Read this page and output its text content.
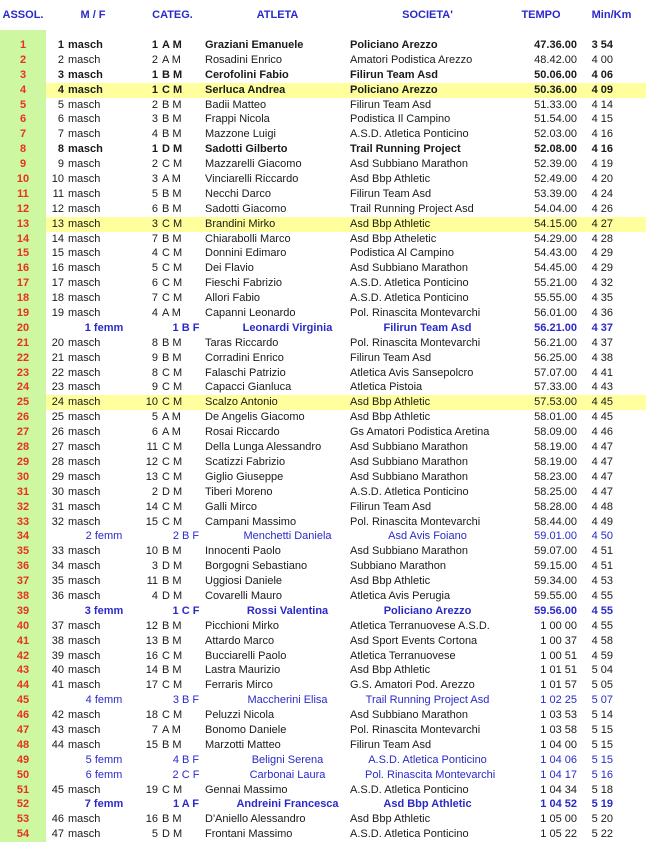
ASSOL.	M / F	CATEG.	ATLETA	SOCIETA'	TEMPO	Min/Km
1	1 masch	1 A M Graziani Emanuele	Policiano Arezzo	47.36.00	3 54
2	2 masch	2 A M Rosadini Enrico	Amatori Podistica Arezzo	48.42.00	4 00
3	3 masch	1 B M Cerofolini Fabio	Filirun Team Asd	50.06.00	4 06
4	4 masch	1 C M Serluca Andrea	Policiano Arezzo	50.36.00	4 09
5	5 masch	2 B M Badii Matteo	Filirun Team Asd	51.33.00	4 14
6	6 masch	3 B M Frappi Nicola	Podistica Il Campino	51.54.00	4 15
7	7 masch	4 B M Mazzone Luigi	A.S.D. Atletica Ponticino	52.03.00	4 16
8	8 masch	1 D M Sadotti Gilberto	Trail Running Project	52.08.00	4 16
9	9 masch	2 C M Mazzarelli Giacomo	Asd Subbiano Marathon	52.39.00	4 19
10	10 masch	3 A M Vinciarelli Riccardo	Asd Bbp Athletic	52.49.00	4 20
11	11 masch	5 B M Necchi Darco	Filirun Team Asd	53.39.00	4 24
12	12 masch	6 B M Sadotti Giacomo	Trail Running Project Asd	54.04.00	4 26
13	13 masch	3 C M Brandini Mirko	Asd Bbp Athletic	54.15.00	4 27
14	14 masch	7 B M Chiarabolli Marco	Asd Bbp Atheletic	54.29.00	4 28
15	15 masch	4 C M Donnini Edimaro	Podistica Al Campino	54.43.00	4 29
16	16 masch	5 C M Dei Flavio	Asd Subbiano Marathon	54.45.00	4 29
17	17 masch	6 C M Fieschi Fabrizio	A.S.D. Atletica Ponticino	55.21.00	4 32
18	18 masch	7 C M Allori Fabio	A.S.D. Atletica Ponticino	55.55.00	4 35
19	19 masch	4 A M Capanni Leonardo	Pol. Rinascita Montevarchi	56.01.00	4 36
20	1 femm	1 B F	Leonardi Virginia	Filirun Team Asd	56.21.00	4 37
21	20 masch	8 B M Taras Riccardo	Pol. Rinascita Montevarchi	56.21.00	4 37
22	21 masch	9 B M Corradini Enrico	Filirun Team Asd	56.25.00	4 38
23	22 masch	8 C M Falaschi Patrizio	Atletica Avis Sansepolcro	57.07.00	4 41
24	23 masch	9 C M Capacci Gianluca	Atletica Pistoia	57.33.00	4 43
25	24 masch	10 C M Scalzo Antonio	Asd Bbp Athletic	57.53.00	4 45
26	25 masch	5 A M De Angelis Giacomo	Asd Bbp Athletic	58.01.00	4 45
27	26 masch	6 A M Rosai Riccardo	Gs Amatori Podistica Aretina	58.09.00	4 46
28	27 masch	11 C M Della Lunga Alessandro	Asd Subbiano Marathon	58.19.00	4 47
29	28 masch	12 C M Scatizzi Fabrizio	Asd Subbiano Marathon	58.19.00	4 47
30	29 masch	13 C M Giglio Giuseppe	Asd Subbiano Marathon	58.23.00	4 47
31	30 masch	2 D M Tiberi Moreno	A.S.D. Atletica Ponticino	58.25.00	4 47
32	31 masch	14 C M Galli Mirco	Filirun Team Asd	58.28.00	4 48
33	32 masch	15 C M Campani Massimo	Pol. Rinascita Montevarchi	58.44.00	4 49
34	2 femm	2 B F	Menchetti Daniela	Asd Avis Foiano	59.01.00	4 50
35	33 masch	10 B M Innocenti Paolo	Asd Subbiano Marathon	59.07.00	4 51
36	34 masch	3 D M Borgogni Sebastiano	Subbiano Marathon	59.15.00	4 51
37	35 masch	11 B M Uggiosi Daniele	Asd Bbp Athletic	59.34.00	4 53
38	36 masch	4 D M Covarelli Mauro	Atletica Avis Perugia	59.55.00	4 55
39	3 femm	1 C F	Rossi Valentina	Policiano Arezzo	59.56.00	4 55
40	37 masch	12 B M Picchioni Mirko	Atletica Terranuovese A.S.D.	1 00 00	4 55
41	38 masch	13 B M Attardo Marco	Asd Sport Events Cortona	1 00 37	4 58
42	39 masch	16 C M Bucciarelli Paolo	Atletica Terranuovese	1 00 51	4 59
43	40 masch	14 B M Lastra Maurizio	Asd Bbp Athletic	1 01 51	5 04
44	41 masch	17 C M Ferraris Mirco	G.S. Amatori Pod. Arezzo	1 01 57	5 05
45	4 femm	3 B F	Maccherini Elisa	Trail Running Project Asd	1 02 25	5 07
46	42 masch	18 C M Peluzzi Nicola	Asd Subbiano Marathon	1 03 53	5 14
47	43 masch	7 A M Bonomo Daniele	Pol. Rinascita Montevarchi	1 03 58	5 15
48	44 masch	15 B M Marzotti Matteo	Filirun Team Asd	1 04 00	5 15
49	5 femm	4 B F	Beligni Serena	A.S.D. Atletica Ponticino	1 04 06	5 15
50	6 femm	2 C F	Carbonai Laura	Pol. Rinascita Montevarchi	1 04 17	5 16
51	45 masch	19 C M Gennai Massimo	A.S.D. Atletica Ponticino	1 04 34	5 18
52	7 femm	1 A F	Andreini Francesca	Asd Bbp Athletic	1 04 52	5 19
53	46 masch	16 B M D'Aniello Alessandro	Asd Bbp Athletic	1 05 00	5 20
54	47 masch	5 D M Frontani Massimo	A.S.D. Atletica Ponticino	1 05 22	5 22
